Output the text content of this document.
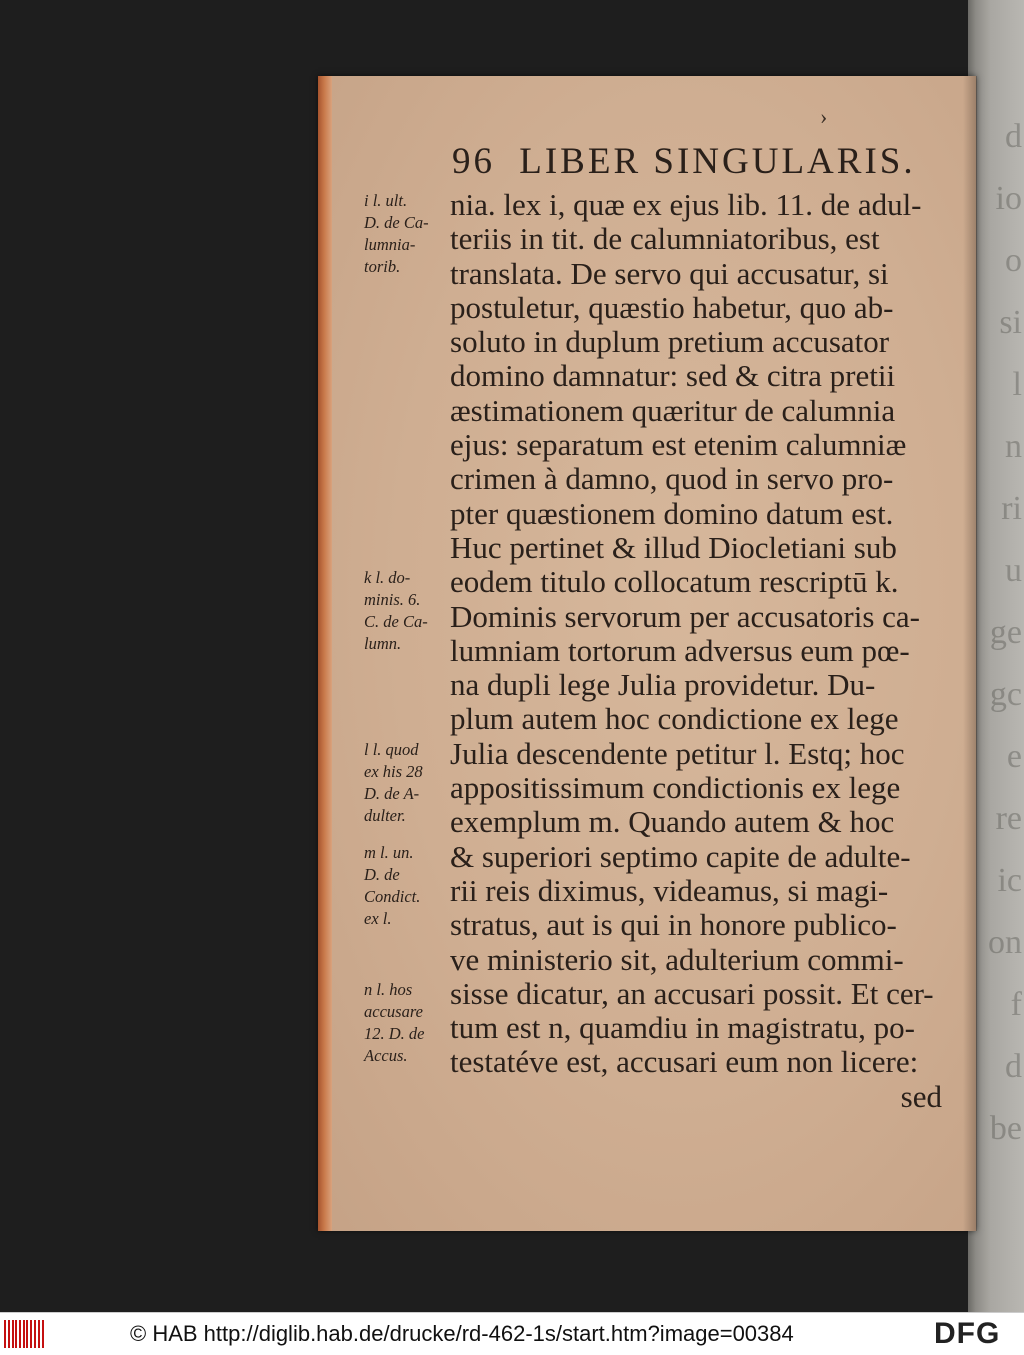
d
io
o
si
l
n
ri
u
ge
gc
e
re
ic
on
f
d
be
›
96 LIBER SINGULARIS.
nia. lex i, quæ ex ejus lib. 11. de adul-
teriis in tit. de calumniatoribus, est
translata. De servo qui accusatur, si
postuletur, quæstio habetur, quo ab-
soluto in duplum pretium accusator
domino damnatur: sed & citra pretii
æstimationem quæritur de calumnia
ejus: separatum est etenim calumniæ
crimen à damno, quod in servo pro-
pter quæstionem domino datum est.
Huc pertinet & illud Diocletiani sub
eodem titulo collocatum rescriptū k.
Dominis servorum per accusatoris ca-
lumniam tortorum adversus eum pœ-
na dupli lege Julia providetur. Du-
plum autem hoc condictione ex lege
Julia descendente petitur l. Estq; hoc
appositissimum condictionis ex lege
exemplum m. Quando autem & hoc
& superiori septimo capite de adulte-
rii reis diximus, videamus, si magi-
stratus, aut is qui in honore publico-
ve ministerio sit, adulterium commi-
sisse dicatur, an accusari possit. Et cer-
tum est n, quamdiu in magistratu, po-
testatéve est, accusari eum non licere:
sed
i l. ult.
D. de Ca-
lumnia-
torib.
k l. do-
minis. 6.
C. de Ca-
lumn.
l l. quod
ex his 28
D. de A-
dulter.
m l. un.
D. de
Condict.
ex l.
n l. hos
accusare
12. D. de
Accus.
© HAB http://diglib.hab.de/drucke/rd-462-1s/start.htm?image=00384	DFG
